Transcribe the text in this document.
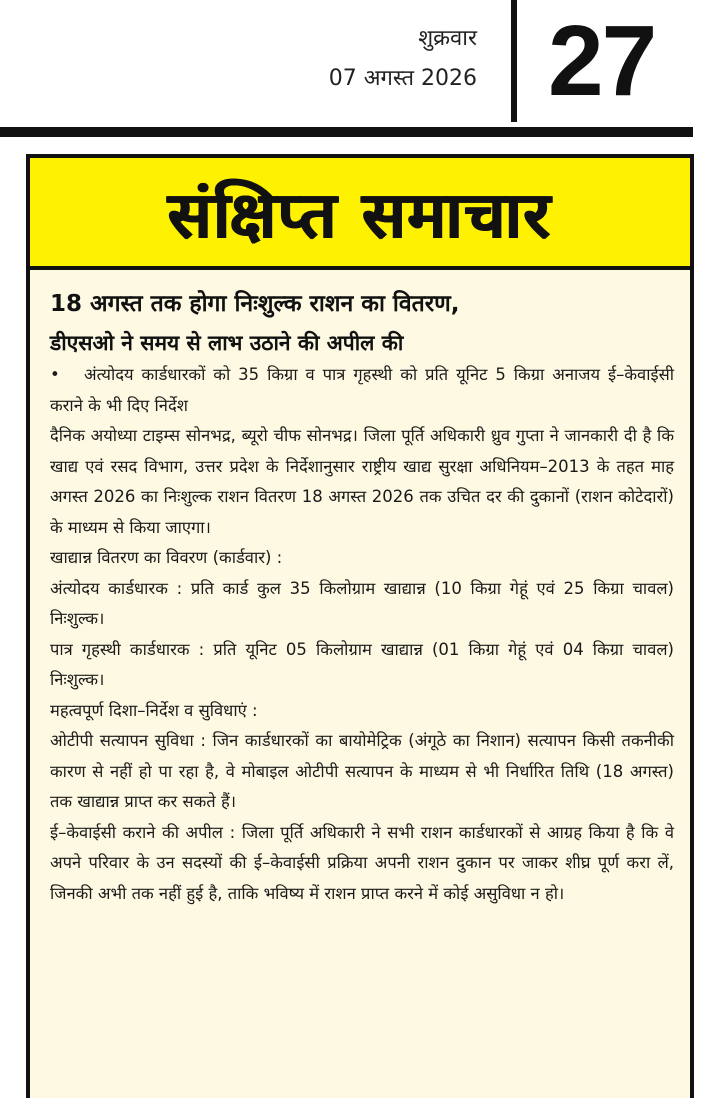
शुक्रवार
07 अगस्त 2026 27
संक्षिप्त समाचार
18 अगस्त तक होगा निःशुल्क राशन का वितरण,
डीएसओ ने समय से लाभ उठाने की अपील की

• अंत्योदय कार्डधारकों को 35 किग्रा व पात्र गृहस्थी को प्रति यूनिट 5 किग्रा अनाजय ई–केवाईसी कराने के भी दिए निर्देश

दैनिक अयोध्या टाइम्स सोनभद्र, ब्यूरो चीफ सोनभद्र। जिला पूर्ति अधिकारी ध्रुव गुप्ता ने जानकारी दी है कि खाद्य एवं रसद विभाग, उत्तर प्रदेश के निर्देशानुसार राष्ट्रीय खाद्य सुरक्षा अधिनियम–2013 के तहत माह अगस्त 2026 का निःशुल्क राशन वितरण 18 अगस्त 2026 तक उचित दर की दुकानों (राशन कोटेदारों) के माध्यम से किया जाएगा।

खाद्यान्न वितरण का विवरण (कार्डवार) :

अंत्योदय कार्डधारक : प्रति कार्ड कुल 35 किलोग्राम खाद्यान्न (10 किग्रा गेहूं एवं 25 किग्रा चावल) निःशुल्क।

पात्र गृहस्थी कार्डधारक : प्रति यूनिट 05 किलोग्राम खाद्यान्न (01 किग्रा गेहूं एवं 04 किग्रा चावल) निःशुल्क।

महत्वपूर्ण दिशा–निर्देश व सुविधाएं :

ओटीपी सत्यापन सुविधा : जिन कार्डधारकों का बायोमेट्रिक (अंगूठे का निशान) सत्यापन किसी तकनीकी कारण से नहीं हो पा रहा है, वे मोबाइल ओटीपी सत्यापन के माध्यम से भी निर्धारित तिथि (18 अगस्त) तक खाद्यान्न प्राप्त कर सकते हैं।

ई–केवाईसी कराने की अपील : जिला पूर्ति अधिकारी ने सभी राशन कार्डधारकों से आग्रह किया है कि वे अपने परिवार के उन सदस्यों की ई–केवाईसी प्रक्रिया अपनी राशन दुकान पर जाकर शीघ्र पूर्ण करा लें, जिनकी अभी तक नहीं हुई है, ताकि भविष्य में राशन प्राप्त करने में कोई असुविधा न हो।
